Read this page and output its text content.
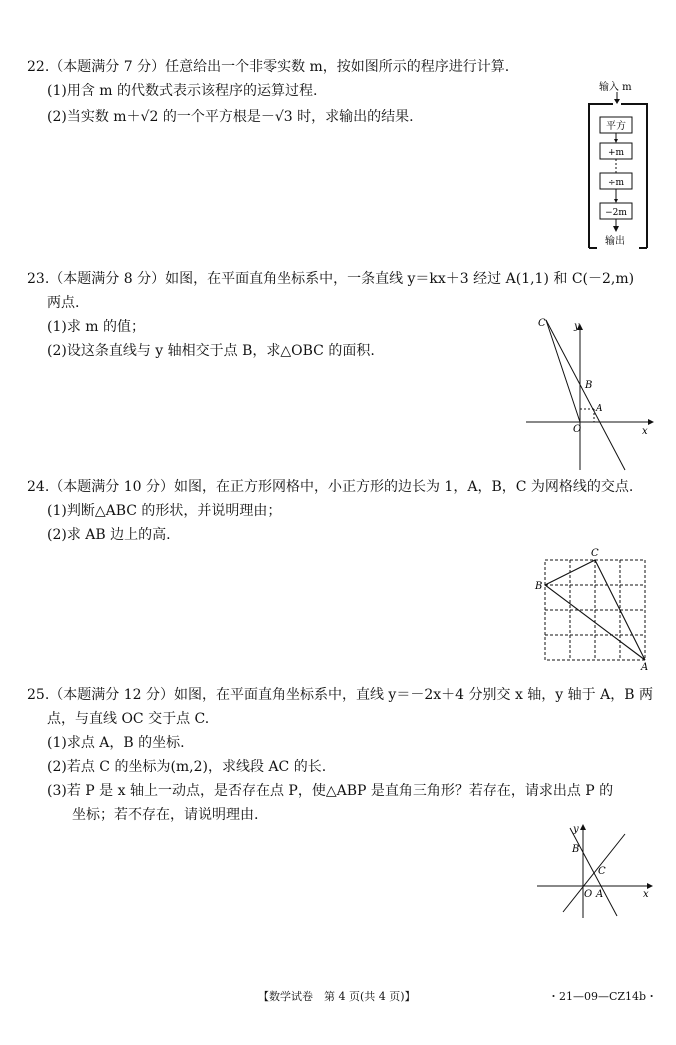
22.（本题满分 7 分）任意给出一个非零实数 m，按如图所示的程序进行计算.
(1)用含 m 的代数式表示该程序的运算过程.
(2)当实数 m＋√2 的一个平方根是－√3 时，求输出的结果.
输入 m
平方
+m
÷m
−2m
输出
23.（本题满分 8 分）如图，在平面直角坐标系中，一条直线 y＝kx＋3 经过 A(1,1) 和 C(－2,m)
两点.
(1)求 m 的值；
(2)设这条直线与 y 轴相交于点 B，求△OBC 的面积.
C	y
B
A
O	x
24.（本题满分 10 分）如图，在正方形网格中，小正方形的边长为 1，A，B，C 为网格线的交点.
(1)判断△ABC 的形状，并说明理由；
(2)求 AB 边上的高.
C
B
A
25.（本题满分 12 分）如图，在平面直角坐标系中，直线 y＝－2x＋4 分别交 x 轴，y 轴于 A，B 两
点，与直线 OC 交于点 C.
(1)求点 A，B 的坐标.
(2)若点 C 的坐标为(m,2)，求线段 AC 的长.
(3)若 P 是 x 轴上一动点，是否存在点 P，使△ABP 是直角三角形？若存在，请求出点 P 的
坐标；若不存在，请说明理由.
y
B
C
O A	x
【数学试卷　第 4 页(共 4 页)】	・21—09—CZ14b・
